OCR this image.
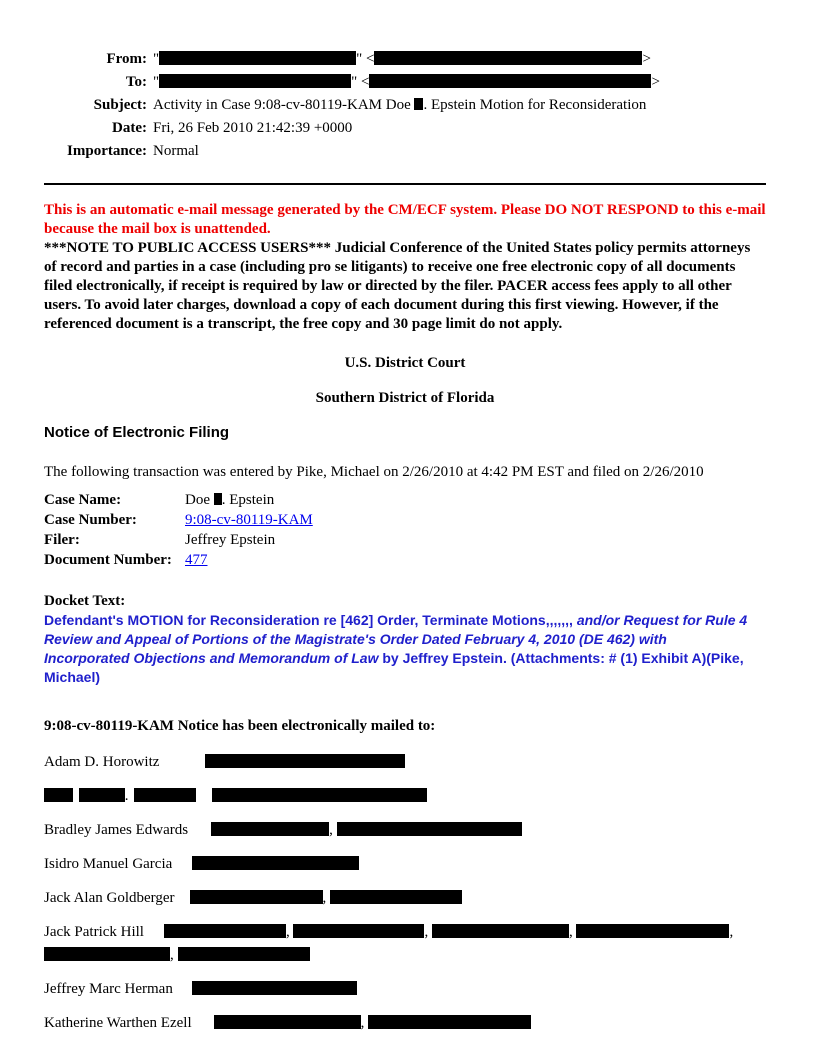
From: "	" <	>
To: "	" <	>
Subject: Activity in Case 9:08-cv-80119-KAM Doe . Epstein Motion for Reconsideration
Date: Fri, 26 Feb 2010 21:42:39 +0000
Importance: Normal

This is an automatic e-mail message generated by the CM/ECF system. Please DO NOT RESPOND to this e-mail because the mail box is unattended.

***NOTE TO PUBLIC ACCESS USERS*** Judicial Conference of the United States policy permits attorneys of record and parties in a case (including pro se litigants) to receive one free electronic copy of all documents filed electronically, if receipt is required by law or directed by the filer. PACER access fees apply to all other users. To avoid later charges, download a copy of each document during this first viewing. However, if the referenced document is a transcript, the free copy and 30 page limit do not apply.

U.S. District Court
Southern District of Florida
Notice of Electronic Filing
The following transaction was entered by Pike, Michael on 2/26/2010 at 4:42 PM EST and filed on 2/26/2010
Case Name:	Doe . Epstein
Case Number:	9:08-cv-80119-KAM
Filer:	Jeffrey Epstein
Document Number: 477
Docket Text:
Defendant's MOTION for Reconsideration re [462] Order, Terminate Motions,,,,,,, and/or Request for Rule 4 Review and Appeal of Portions of the Magistrate's Order Dated February 4, 2010 (DE 462) with Incorporated Objections and Memorandum of Law by Jeffrey Epstein. (Attachments: # (1) Exhibit A)(Pike, Michael)
9:08-cv-80119-KAM Notice has been electronically mailed to:
Adam D. Horowitz
.
Bradley James Edwards	,
Isidro Manuel Garcia
Jack Alan Goldberger	,
Jack Patrick Hill	,	,	,	,
,
Jeffrey Marc Herman
Katherine Warthen Ezell	,
